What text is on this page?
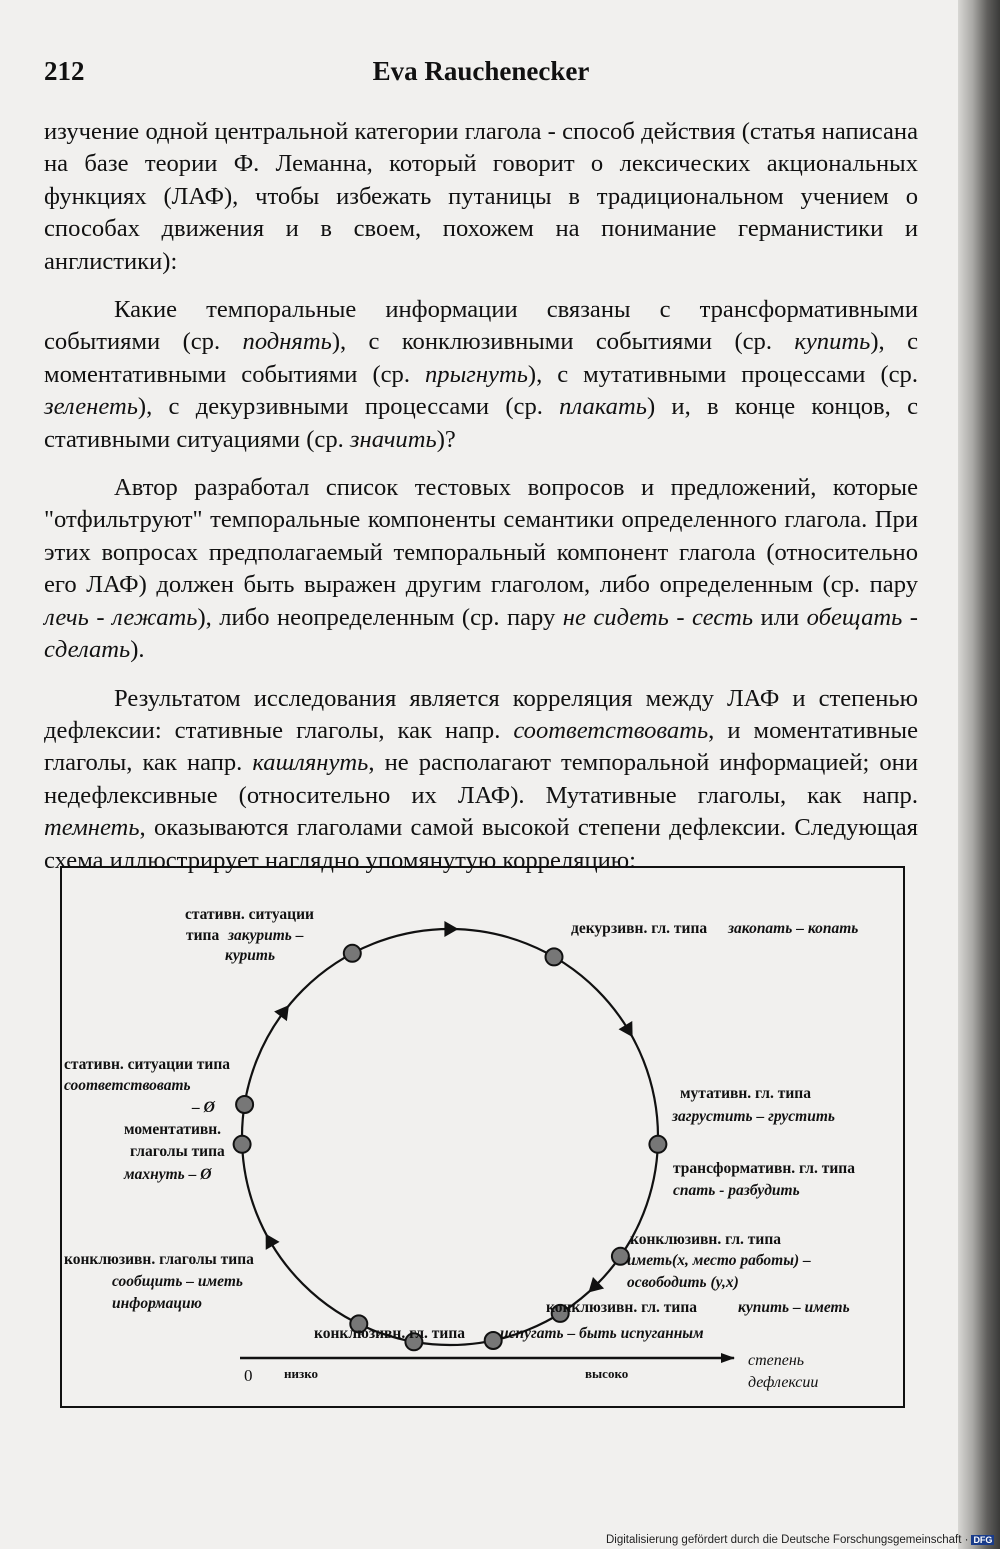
212	Eva Rauchenecker

изучение одной центральной категории глагола - способ действия (статья написана на базе теории Ф. Леманна, который говорит о лексических акциональных функциях (ЛАФ), чтобы избежать путаницы в традициональном учением о способах движения и в своем, похожем на понимание германистики и англистики):

Какие темпоральные информации связаны с трансформативными событиями (ср. поднять), с конклюзивными событиями (ср. купить), с моментативными событиями (ср. прыгнуть), с мутативными процессами (ср. зеленеть), с декурзивными процессами (ср. плакать) и, в конце концов, с стативными ситуациями (ср. значить)?

Автор разработал список тестовых вопросов и предложений, которые "отфильтруют" темпоральные компоненты семантики определенного глагола. При этих вопросах предполагаемый темпоральный компонент глагола (относительно его ЛАФ) должен быть выражен другим глаголом, либо определенным (ср. пару лечь - лежать), либо неопределенным (ср. пару не сидеть - сесть или обещать - сделать).

Результатом исследования является корреляция между ЛАФ и степенью дефлексии: стативные глаголы, как напр. соответствовать, и моментативные глаголы, как напр. кашлянуть, не располагают темпоральной информацией; они недефлексивные (относительно их ЛАФ). Мутативные глаголы, как напр. темнеть, оказываются глаголами самой высокой степени дефлексии. Следующая схема иллюстрирует наглядно упомянутую корреляцию:

стативн. ситуации
типа закурить –
курить
декурзивн. гл. типа закопать – копать
стативн. ситуации типа
соответствовать
– Ø
моментативн.
глаголы типа
махнуть – Ø
мутативн. гл. типа
загрустить – грустить
трансформативн. гл. типа
спать - разбудить
конклюзивн. гл. типа
иметь(x, место работы) –
освободить (y,x)
конклюзивн. гл. типа	купить – иметь
конклюзивн. гл. типа испугать – быть испуганным
конклюзивн. глаголы типа
сообщить – иметь
информацию
0 низко	высоко
степень
дефлексии
Digitalisierung gefördert durch die Deutsche Forschungsgemeinschaft · DFG
